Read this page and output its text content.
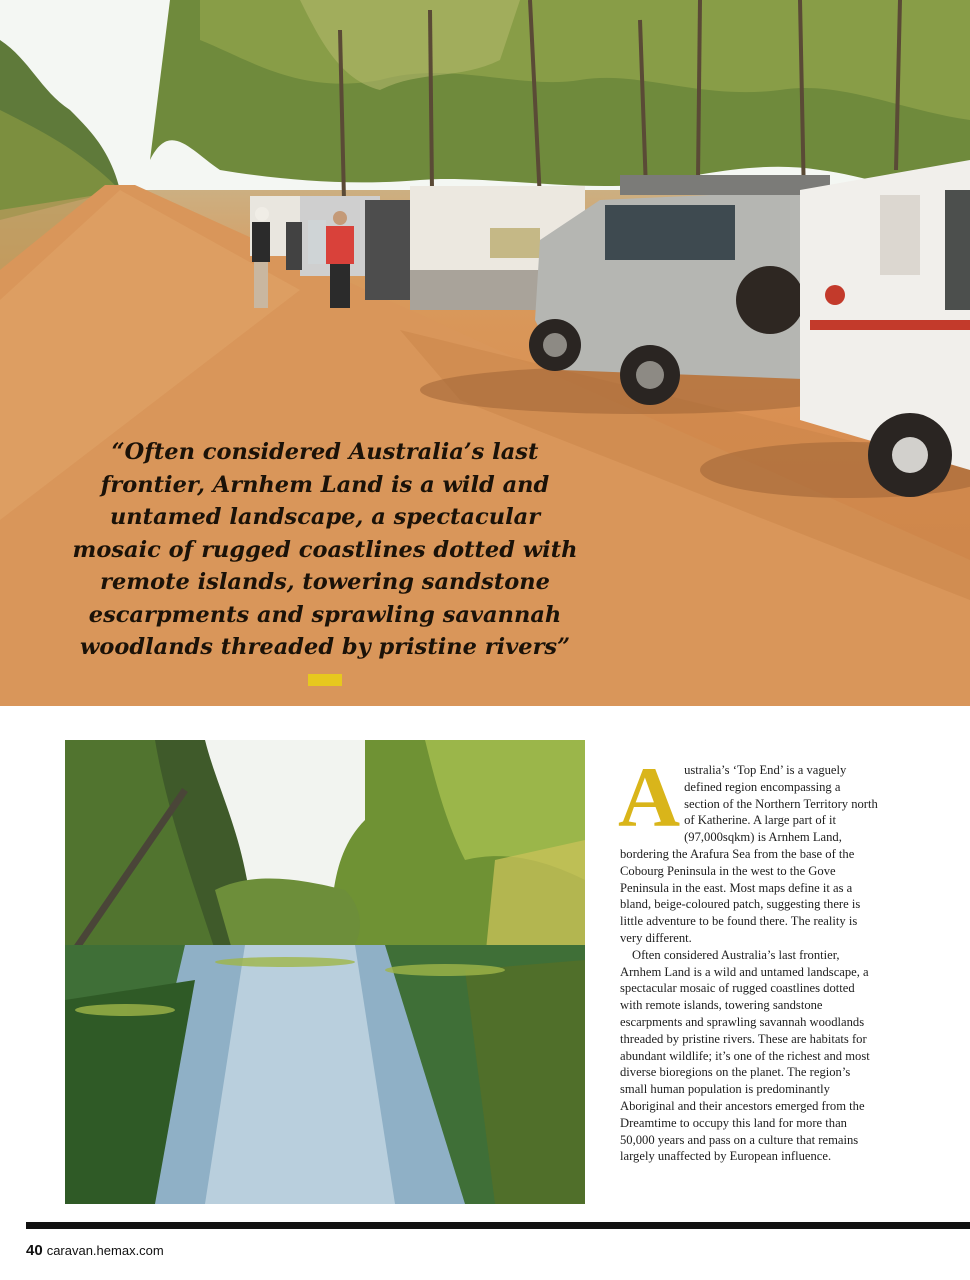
“Often considered Australia’s last frontier, Arnhem Land is a wild and untamed landscape, a spectacular mosaic of rugged coastlines dotted with remote islands, towering sandstone escarpments and sprawling savannah woodlands threaded by pristine rivers”

Australia’s ‘Top End’ is a vaguely defined region encompassing a section of the Northern Territory north of Katherine. A large part of it (97,000sqkm) is Arnhem Land, bordering the Arafura Sea from the base of the Cobourg Peninsula in the west to the Gove Peninsula in the east. Most maps define it as a bland, beige-coloured patch, suggesting there is little adventure to be found there. The reality is very different.

Often considered Australia’s last frontier, Arnhem Land is a wild and untamed landscape, a spectacular mosaic of rugged coastlines dotted with remote islands, towering sandstone escarpments and sprawling savannah woodlands threaded by pristine rivers. These are habitats for abundant wildlife; it’s one of the richest and most diverse bioregions on the planet. The region’s small human population is predominantly Aboriginal and their ancestors emerged from the Dreamtime to occupy this land for more than 50,000 years and pass on a culture that remains largely unaffected by European influence.

40 caravan.hemax.com
